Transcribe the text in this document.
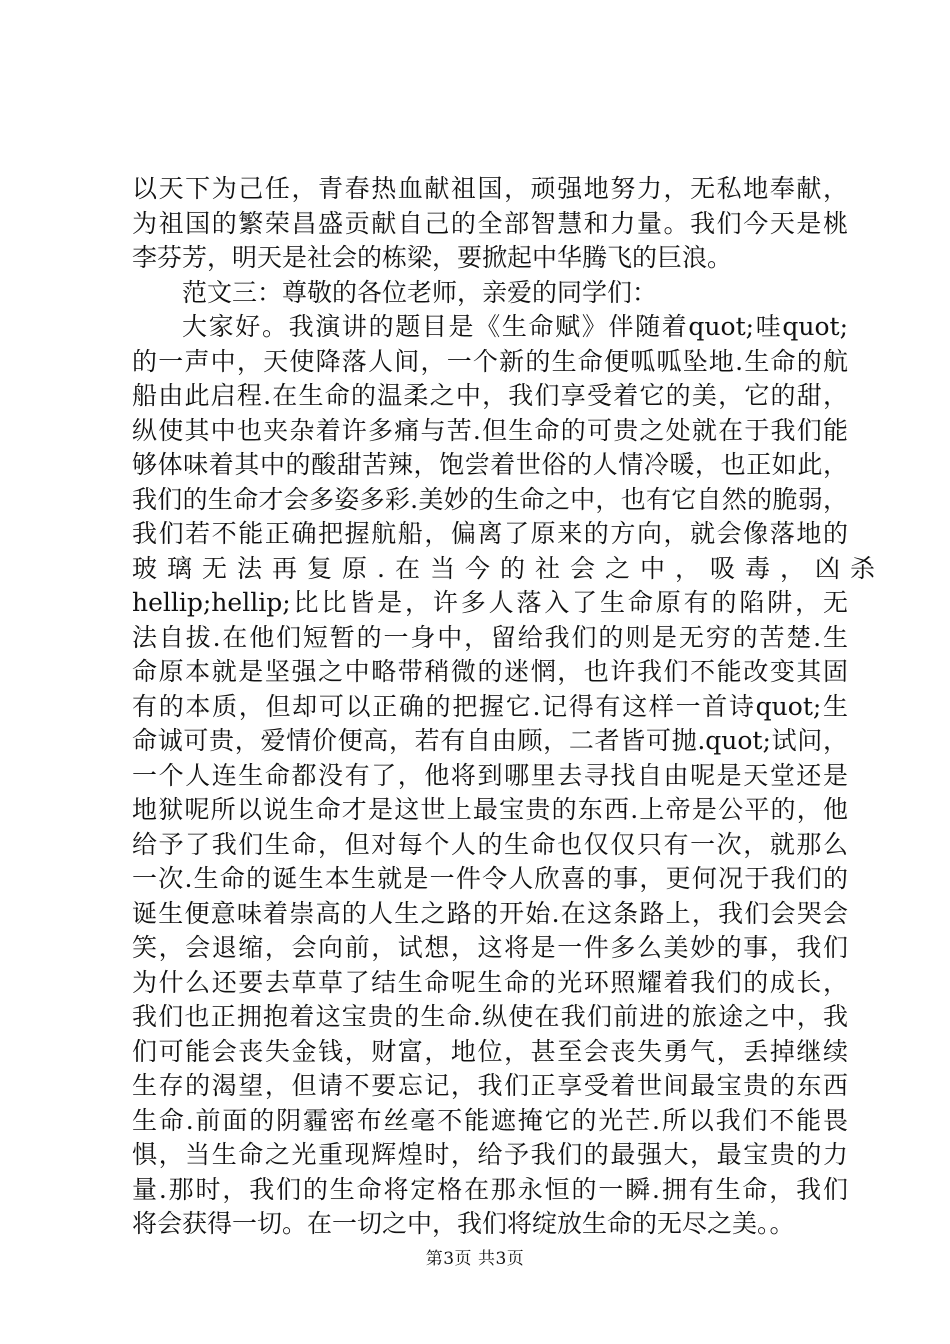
以天下为己任，青春热血献祖国，顽强地努力，无私地奉献，
为祖国的繁荣昌盛贡献自己的全部智慧和力量。我们今天是桃
李芬芳，明天是社会的栋梁，要掀起中华腾飞的巨浪。
范文三：尊敬的各位老师，亲爱的同学们：
大家好。我演讲的题目是《生命赋》伴随着quot;哇quot;
的一声中，天使降落人间，一个新的生命便呱呱坠地.生命的航
船由此启程.在生命的温柔之中，我们享受着它的美，它的甜，
纵使其中也夹杂着许多痛与苦.但生命的可贵之处就在于我们能
够体味着其中的酸甜苦辣，饱尝着世俗的人情冷暖，也正如此，
我们的生命才会多姿多彩.美妙的生命之中，也有它自然的脆弱，
我们若不能正确把握航船，偏离了原来的方向，就会像落地的
玻璃无法再复原.在当今的社会之中，吸毒，凶杀
hellip;hellip;比比皆是，许多人落入了生命原有的陷阱，无
法自拔.在他们短暂的一身中，留给我们的则是无穷的苦楚.生
命原本就是坚强之中略带稍微的迷惘，也许我们不能改变其固
有的本质，但却可以正确的把握它.记得有这样一首诗quot;生
命诚可贵，爱情价便高，若有自由顾，二者皆可抛.quot;试问，
一个人连生命都没有了，他将到哪里去寻找自由呢是天堂还是
地狱呢所以说生命才是这世上最宝贵的东西.上帝是公平的，他
给予了我们生命，但对每个人的生命也仅仅只有一次，就那么
一次.生命的诞生本生就是一件令人欣喜的事，更何况于我们的
诞生便意味着崇高的人生之路的开始.在这条路上，我们会哭会
笑，会退缩，会向前，试想，这将是一件多么美妙的事，我们
为什么还要去草草了结生命呢生命的光环照耀着我们的成长，
我们也正拥抱着这宝贵的生命.纵使在我们前进的旅途之中，我
们可能会丧失金钱，财富，地位，甚至会丧失勇气，丢掉继续
生存的渴望，但请不要忘记，我们正享受着世间最宝贵的东西
生命.前面的阴霾密布丝毫不能遮掩它的光芒.所以我们不能畏
惧，当生命之光重现辉煌时，给予我们的最强大，最宝贵的力
量.那时，我们的生命将定格在那永恒的一瞬.拥有生命，我们
将会获得一切。在一切之中，我们将绽放生命的无尽之美。。
第3页 共3页
